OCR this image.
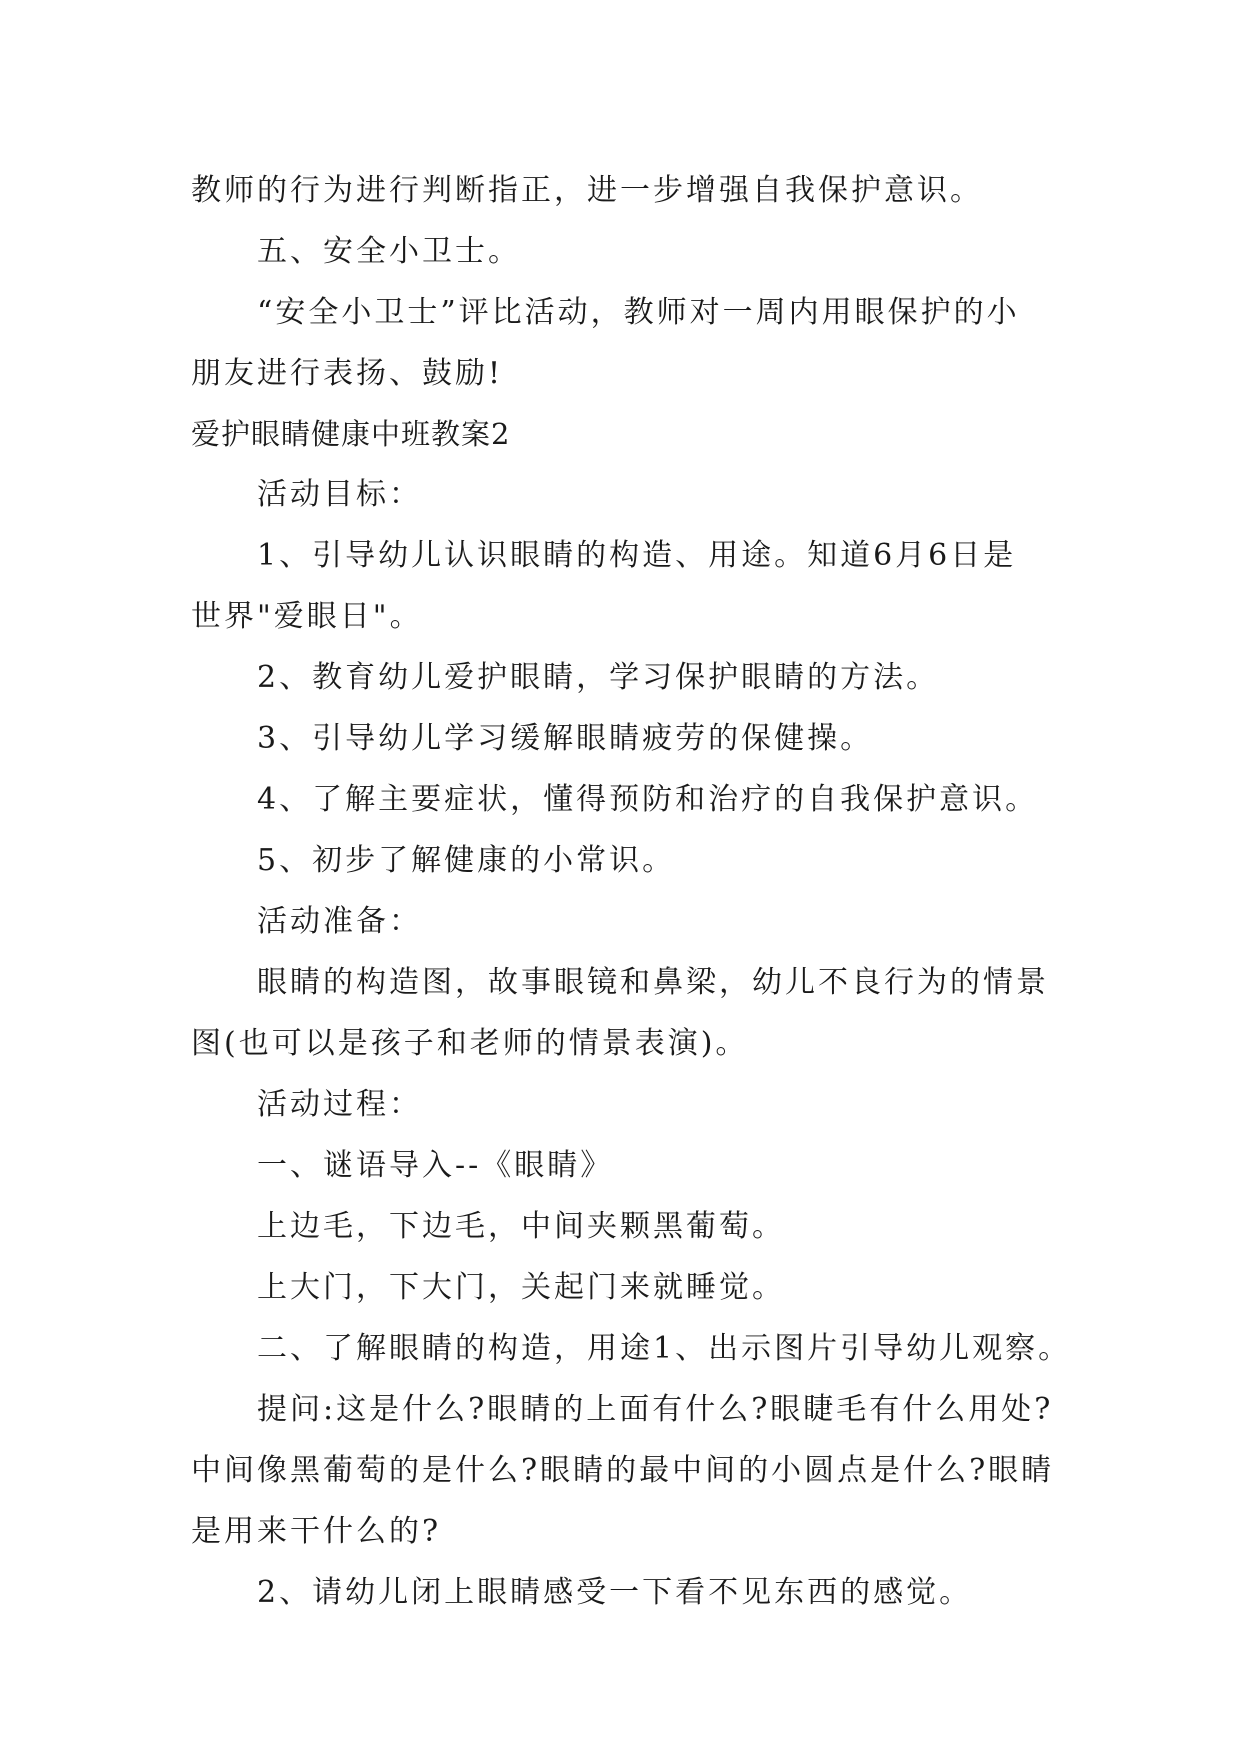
教师的行为进行判断指正，进一步增强自我保护意识。

五、安全小卫士。

“安全小卫士”评比活动，教师对一周内用眼保护的小

朋友进行表扬、鼓励!

爱护眼睛健康中班教案2

活动目标：

1、引导幼儿认识眼睛的构造、用途。知道6月6日是

世界"爱眼日"。

2、教育幼儿爱护眼睛，学习保护眼睛的方法。

3、引导幼儿学习缓解眼睛疲劳的保健操。

4、了解主要症状，懂得预防和治疗的自我保护意识。

5、初步了解健康的小常识。

活动准备：

眼睛的构造图，故事眼镜和鼻梁，幼儿不良行为的情景

图(也可以是孩子和老师的情景表演)。

活动过程：

一、谜语导入--《眼睛》

上边毛，下边毛，中间夹颗黑葡萄。

上大门，下大门，关起门来就睡觉。

二、了解眼睛的构造，用途1、出示图片引导幼儿观察。

提问:这是什么?眼睛的上面有什么?眼睫毛有什么用处?

中间像黑葡萄的是什么?眼睛的最中间的小圆点是什么?眼睛

是用来干什么的?

2、请幼儿闭上眼睛感受一下看不见东西的感觉。
